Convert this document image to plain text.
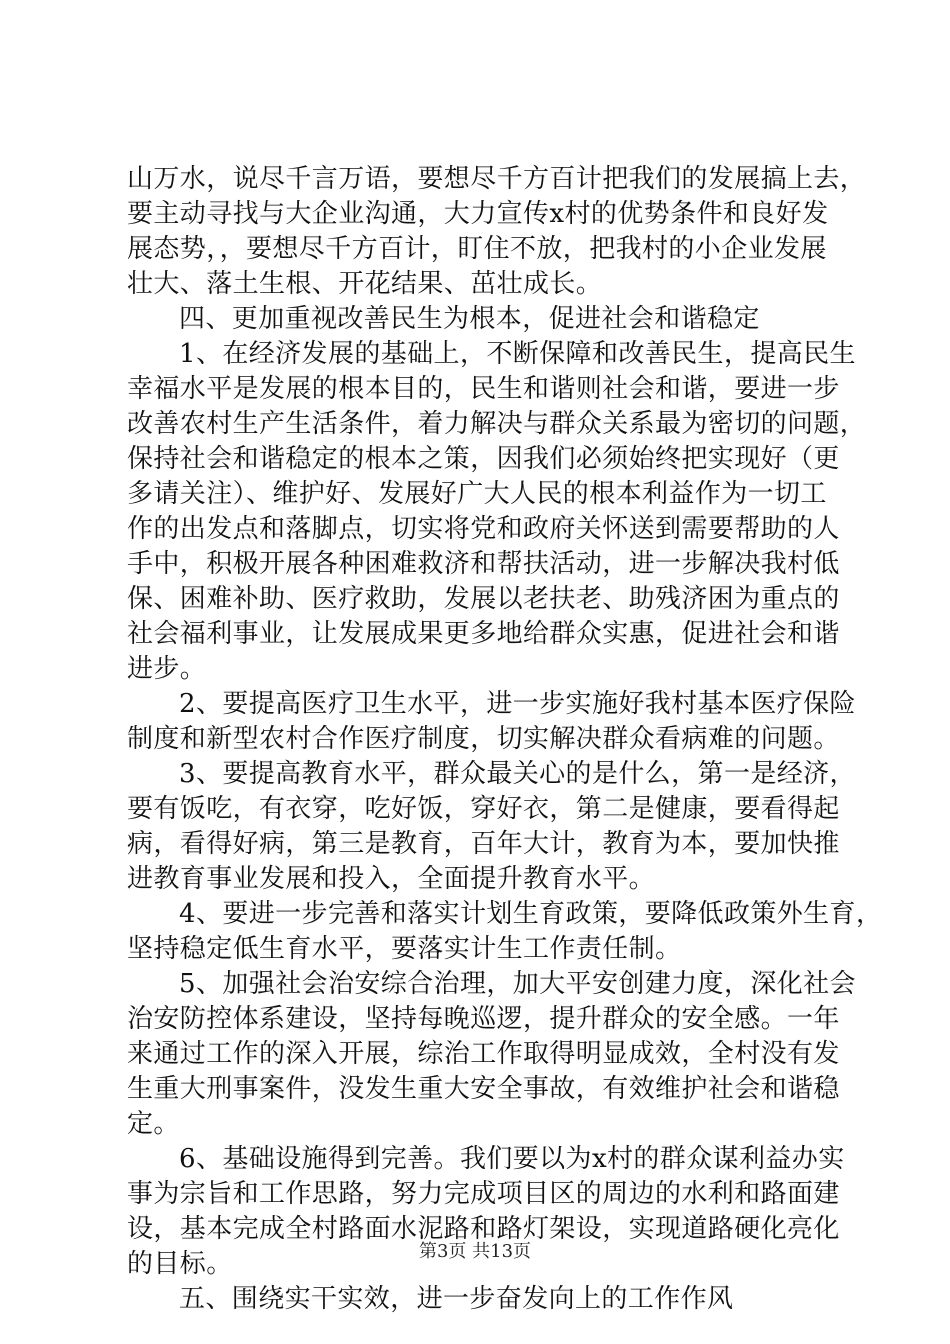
山万水，说尽千言万语，要想尽千方百计把我们的发展搞上去，
要主动寻找与大企业沟通，大力宣传x村的优势条件和良好发
展态势，，要想尽千方百计，盯住不放，把我村的小企业发展
壮大、落土生根、开花结果、茁壮成长。
四、更加重视改善民生为根本，促进社会和谐稳定
1、在经济发展的基础上，不断保障和改善民生，提高民生
幸福水平是发展的根本目的，民生和谐则社会和谐，要进一步
改善农村生产生活条件，着力解决与群众关系最为密切的问题，
保持社会和谐稳定的根本之策，因我们必须始终把实现好（更
多请关注）、维护好、发展好广大人民的根本利益作为一切工
作的出发点和落脚点，切实将党和政府关怀送到需要帮助的人
手中，积极开展各种困难救济和帮扶活动，进一步解决我村低
保、困难补助、医疗救助，发展以老扶老、助残济困为重点的
社会福利事业，让发展成果更多地给群众实惠，促进社会和谐
进步。
2、要提高医疗卫生水平，进一步实施好我村基本医疗保险
制度和新型农村合作医疗制度，切实解决群众看病难的问题。
3、要提高教育水平，群众最关心的是什么，第一是经济，
要有饭吃，有衣穿，吃好饭，穿好衣，第二是健康，要看得起
病，看得好病，第三是教育，百年大计，教育为本，要加快推
进教育事业发展和投入，全面提升教育水平。
4、要进一步完善和落实计划生育政策，要降低政策外生育，
坚持稳定低生育水平，要落实计生工作责任制。
5、加强社会治安综合治理，加大平安创建力度，深化社会
治安防控体系建设，坚持每晚巡逻，提升群众的安全感。一年
来通过工作的深入开展，综治工作取得明显成效，全村没有发
生重大刑事案件，没发生重大安全事故，有效维护社会和谐稳
定。
6、基础设施得到完善。我们要以为x村的群众谋利益办实
事为宗旨和工作思路，努力完成项目区的周边的水利和路面建
设，基本完成全村路面水泥路和路灯架设，实现道路硬化亮化
的目标。
五、围绕实干实效，进一步奋发向上的工作作风
第3页 共13页
